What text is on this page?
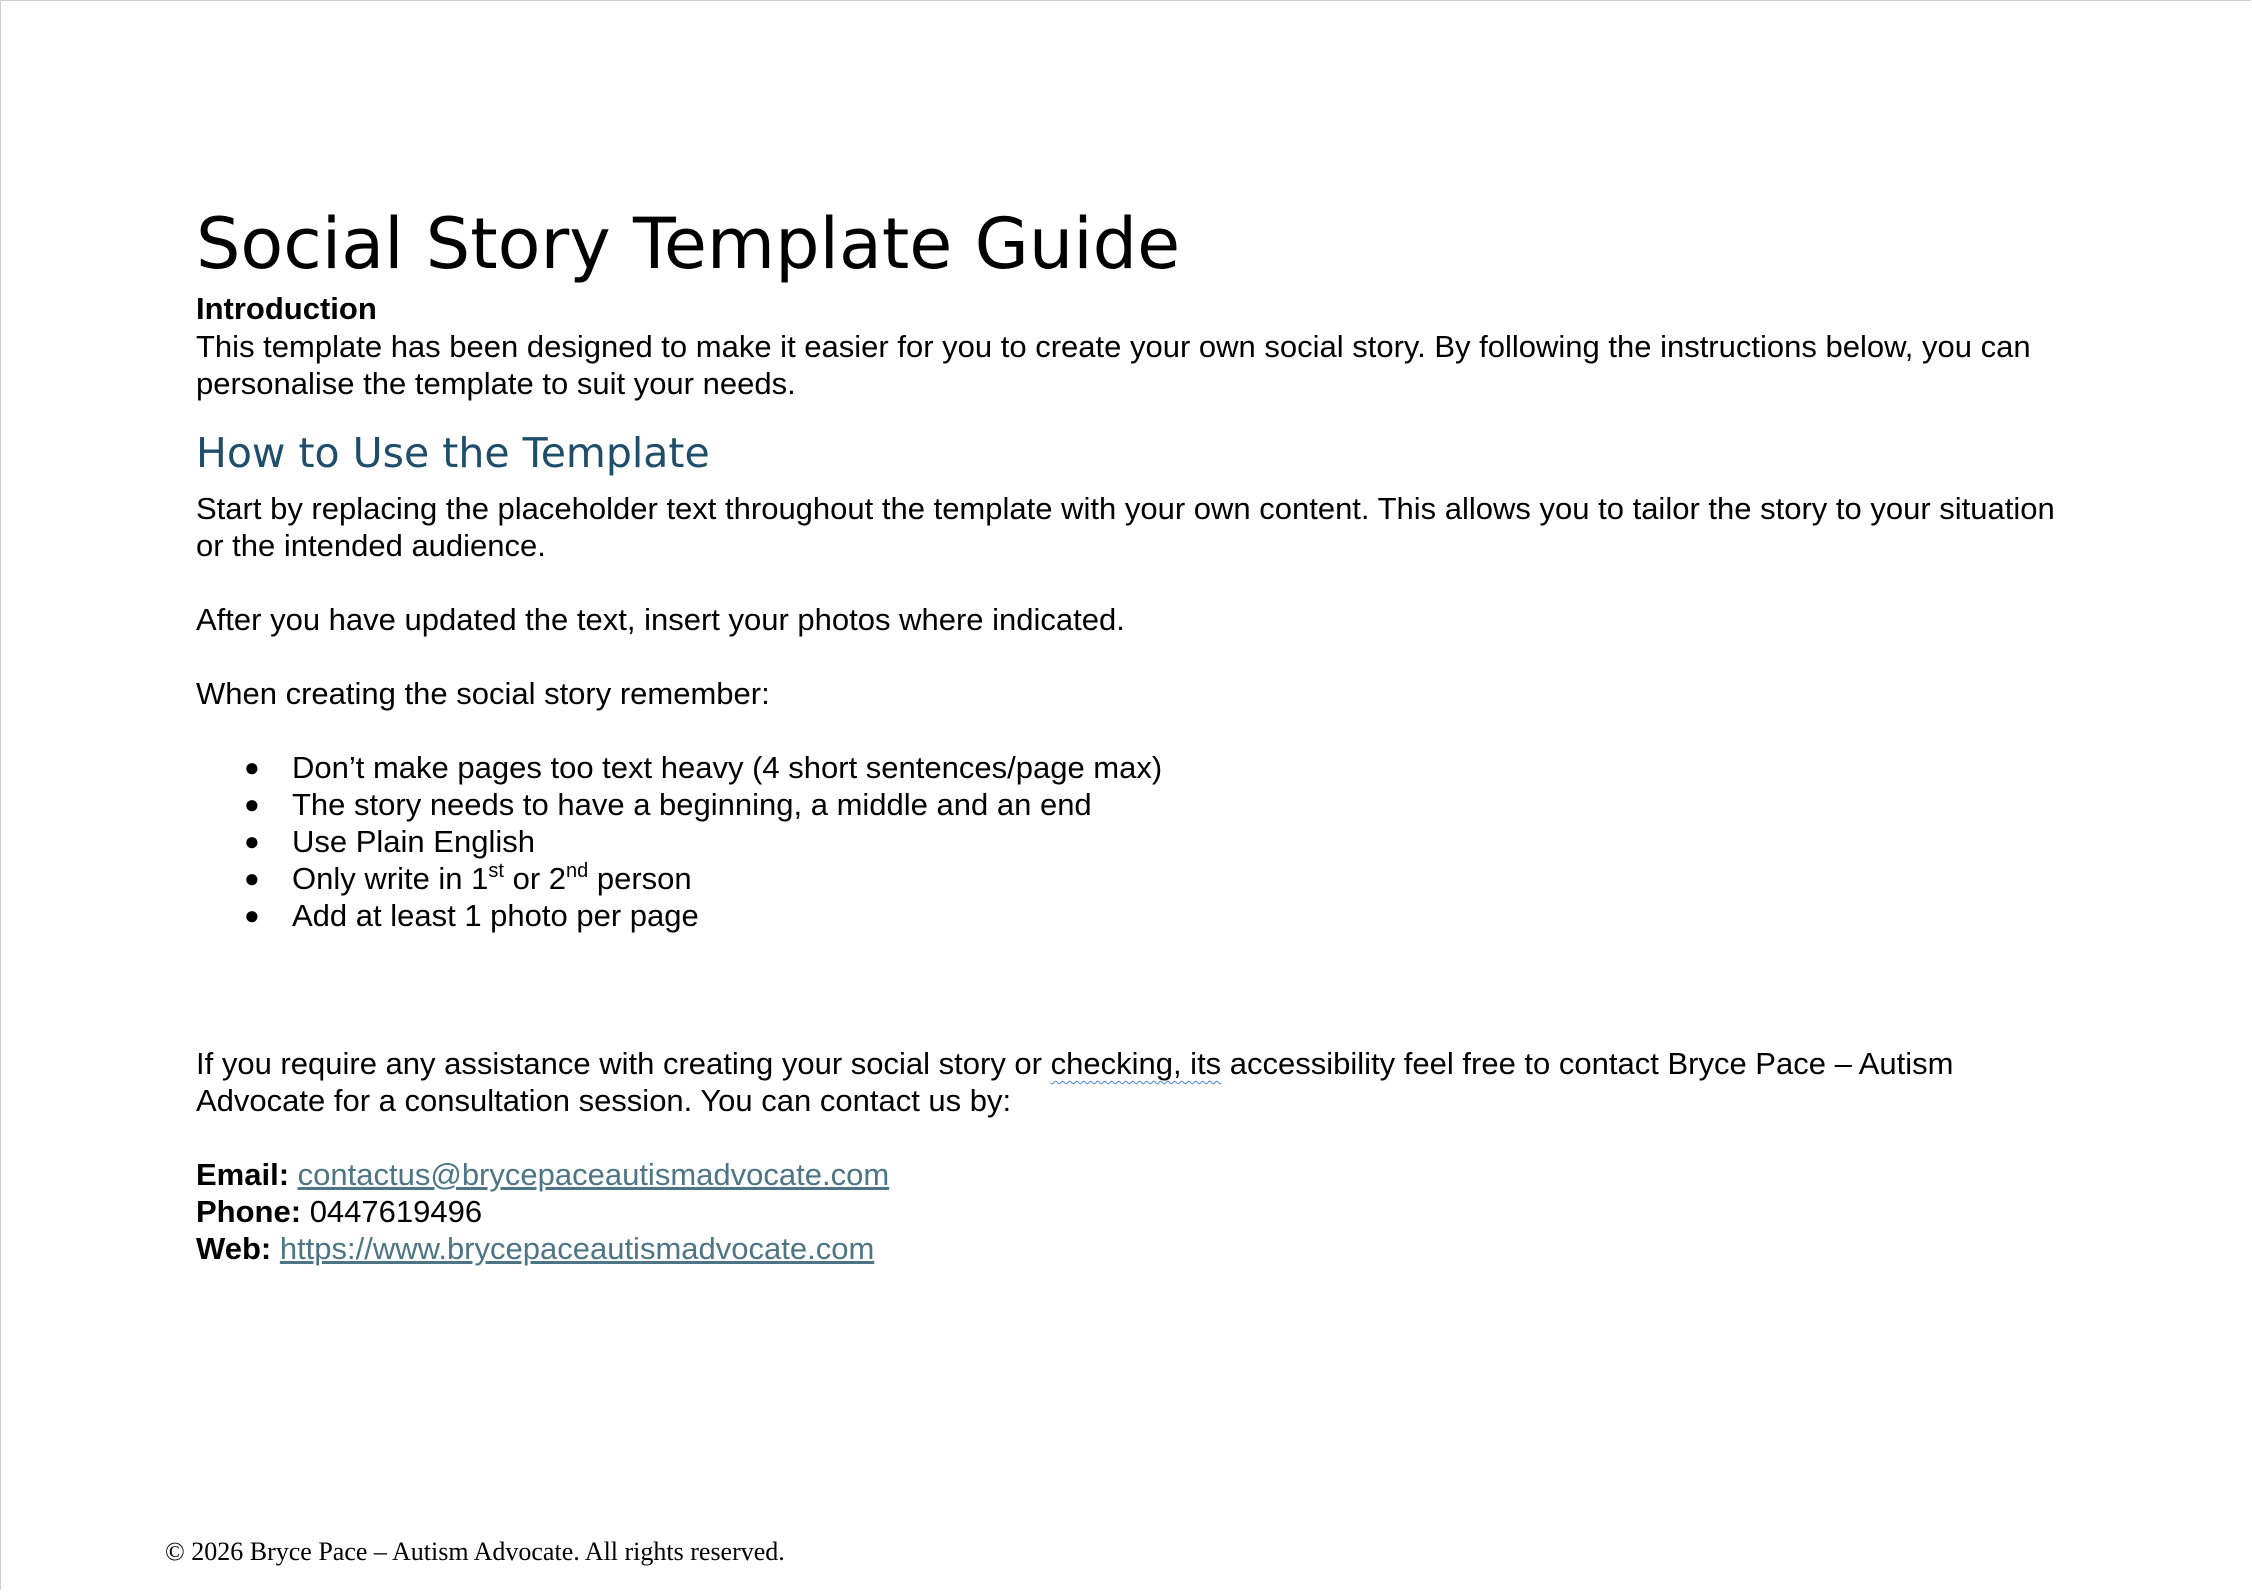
Social Story Template Guide
Introduction

This template has been designed to make it easier for you to create your own social story. By following the instructions below, you can personalise the template to suit your needs.

How to Use the Template

Start by replacing the placeholder text throughout the template with your own content. This allows you to tailor the story to your situation or the intended audience.

After you have updated the text, insert your photos where indicated.

When creating the social story remember:

● Don’t make pages too text heavy (4 short sentences/page max)
● The story needs to have a beginning, a middle and an end
● Use Plain English
● Only write in 1st or 2nd person
● Add at least 1 photo per page

If you require any assistance with creating your social story or checking, its accessibility feel free to contact Bryce Pace – Autism Advocate for a consultation session. You can contact us by:

Email: contactus@brycepaceautismadvocate.com
Phone: 0447619496
Web: https://www.brycepaceautismadvocate.com
© 2026 Bryce Pace – Autism Advocate. All rights reserved.
